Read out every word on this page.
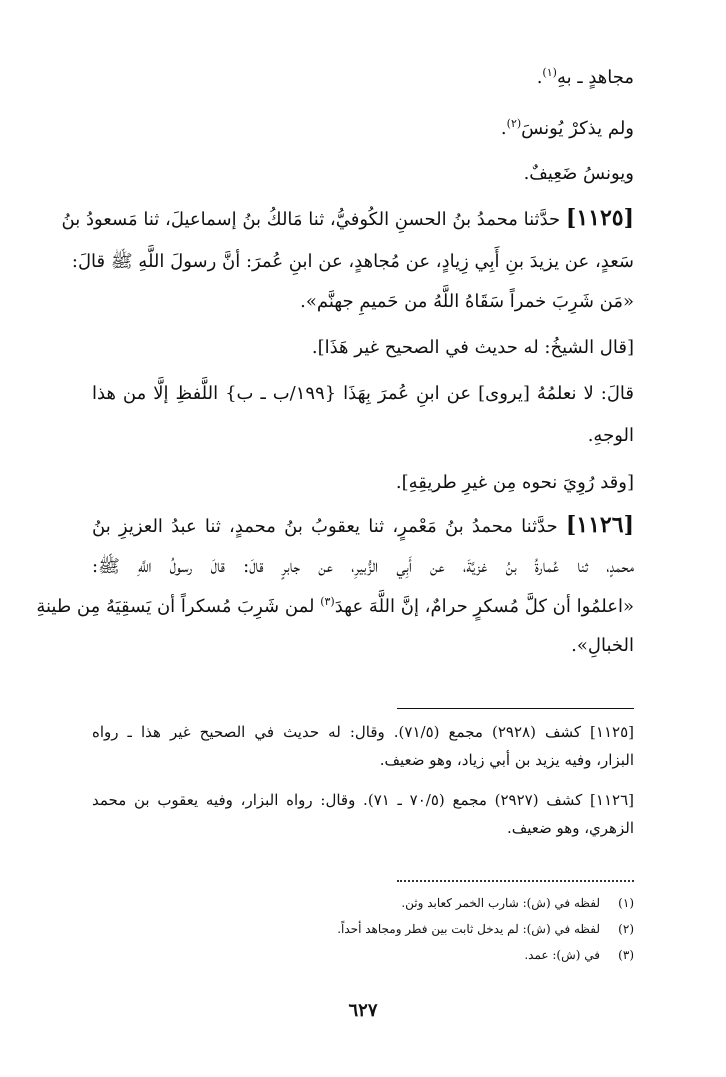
مجاهدٍ ـ بهِ$^{(١)}$.
ولم يذكرْ يُونسَ$^{(٢)}$.
ويونسُ ضَعِيفٌ.
[١١٢٥] حدَّثنا محمدُ بنُ الحسنِ الكُوفيُّ، ثنا مَالكُ بنُ إسماعيلَ، ثنا مَسعودُ بنُ
سَعدٍ، عن يزيدَ بنِ أَبِي زِيادٍ، عن مُجاهدٍ، عن ابنِ عُمرَ: أنَّ رسولَ اللَّهِ ﷺ قالَ:
«مَن شَرِبَ خمراً سَقَاهُ اللَّهُ من حَميمِ جهنَّم».
[قال الشيخُ: له حديث في الصحيح غير هَذَا].
قالَ: لا نعلمُهُ [يروى] عن ابنِ عُمرَ بِهَذَا {١٩٩/ب ـ ب} اللَّفظِ إلَّا من هذا
الوجهِ.
[وقد رُوِيَ نحوه مِن غيرِ طريقِهِ].
[١١٢٦] حدَّثنا محمدُ بنُ مَعْمرٍ، ثنا يعقوبُ بنُ محمدٍ، ثنا عبدُ العزيزِ بنُ
محمدٍ، ثنا عُمارةُ بنُ غزيَّةَ، عن أَبِي الزُّبيرِ، عن جابرٍ قالَ: قالَ رسولُ اللَّهِ ﷺ:
«اعلمُوا أن كلَّ مُسكرٍ حرامٌ، إنَّ اللَّهَ عهدَ$^{(٣)}$ لمن شَرِبَ مُسكراً أن يَسقِيَهُ مِن طينةِ
الخبالِ».
[١١٢٥] كشف (٢٩٢٨) مجمع (٧١/٥). وقال: له حديث في الصحيح غير هذا ـ رواه
البزار، وفيه يزيد بن أبي زياد، وهو ضعيف.
[١١٢٦] كشف (٢٩٢٧) مجمع (٧٠/٥ ـ ٧١). وقال: رواه البزار، وفيه يعقوب بن محمد
الزهري، وهو ضعيف.
(١)لفظه في (ش): شارب الخمر كعابد وثن.
(٢)لفظه في (ش): لم يدخل ثابت بين فطر ومجاهد أحداً.
(٣)في (ش): عمد.
٦٢٧
